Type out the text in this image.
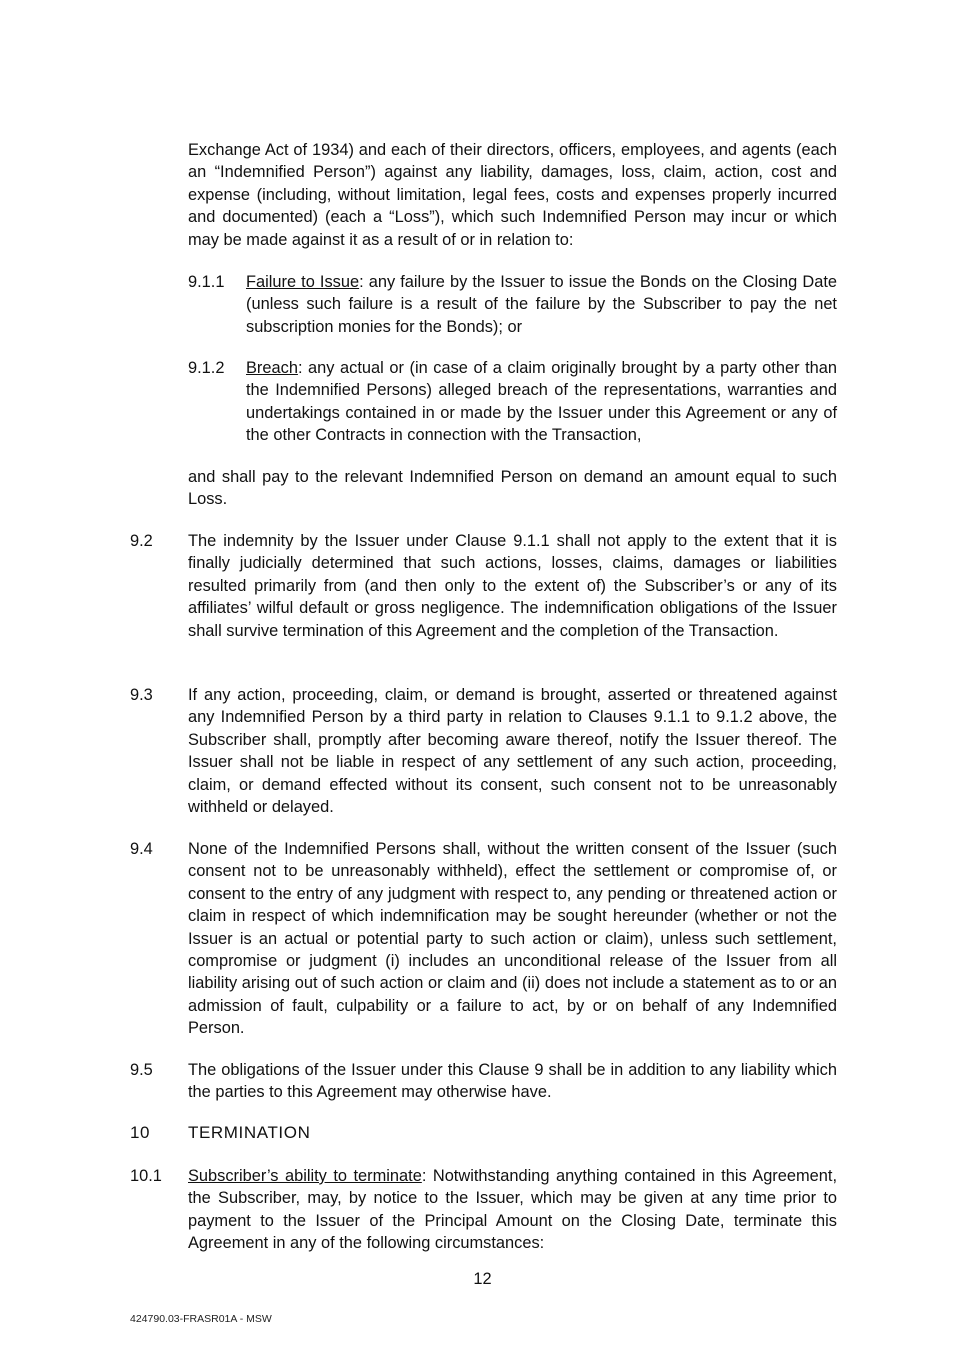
Exchange Act of 1934) and each of their directors, officers, employees, and agents (each an “Indemnified Person”) against any liability, damages, loss, claim, action, cost and expense (including, without limitation, legal fees, costs and expenses properly incurred and documented) (each a “Loss”), which such Indemnified Person may incur or which may be made against it as a result of or in relation to:

9.1.1 Failure to Issue: any failure by the Issuer to issue the Bonds on the Closing Date (unless such failure is a result of the failure by the Subscriber to pay the net subscription monies for the Bonds); or

9.1.2 Breach: any actual or (in case of a claim originally brought by a party other than the Indemnified Persons) alleged breach of the representations, warranties and undertakings contained in or made by the Issuer under this Agreement or any of the other Contracts in connection with the Transaction,

and shall pay to the relevant Indemnified Person on demand an amount equal to such Loss.

9.2 The indemnity by the Issuer under Clause 9.1.1 shall not apply to the extent that it is finally judicially determined that such actions, losses, claims, damages or liabilities resulted primarily from (and then only to the extent of) the Subscriber’s or any of its affiliates’ wilful default or gross negligence. The indemnification obligations of the Issuer shall survive termination of this Agreement and the completion of the Transaction.

9.3 If any action, proceeding, claim, or demand is brought, asserted or threatened against any Indemnified Person by a third party in relation to Clauses 9.1.1 to 9.1.2 above, the Subscriber shall, promptly after becoming aware thereof, notify the Issuer thereof. The Issuer shall not be liable in respect of any settlement of any such action, proceeding, claim, or demand effected without its consent, such consent not to be unreasonably withheld or delayed.

9.4 None of the Indemnified Persons shall, without the written consent of the Issuer (such consent not to be unreasonably withheld), effect the settlement or compromise of, or consent to the entry of any judgment with respect to, any pending or threatened action or claim in respect of which indemnification may be sought hereunder (whether or not the Issuer is an actual or potential party to such action or claim), unless such settlement, compromise or judgment (i) includes an unconditional release of the Issuer from all liability arising out of such action or claim and (ii) does not include a statement as to or an admission of fault, culpability or a failure to act, by or on behalf of any Indemnified Person.

9.5 The obligations of the Issuer under this Clause 9 shall be in addition to any liability which the parties to this Agreement may otherwise have.

10 TERMINATION
10.1 Subscriber’s ability to terminate: Notwithstanding anything contained in this Agreement, the Subscriber, may, by notice to the Issuer, which may be given at any time prior to payment to the Issuer of the Principal Amount on the Closing Date, terminate this Agreement in any of the following circumstances:

12
424790.03-FRASR01A - MSW
